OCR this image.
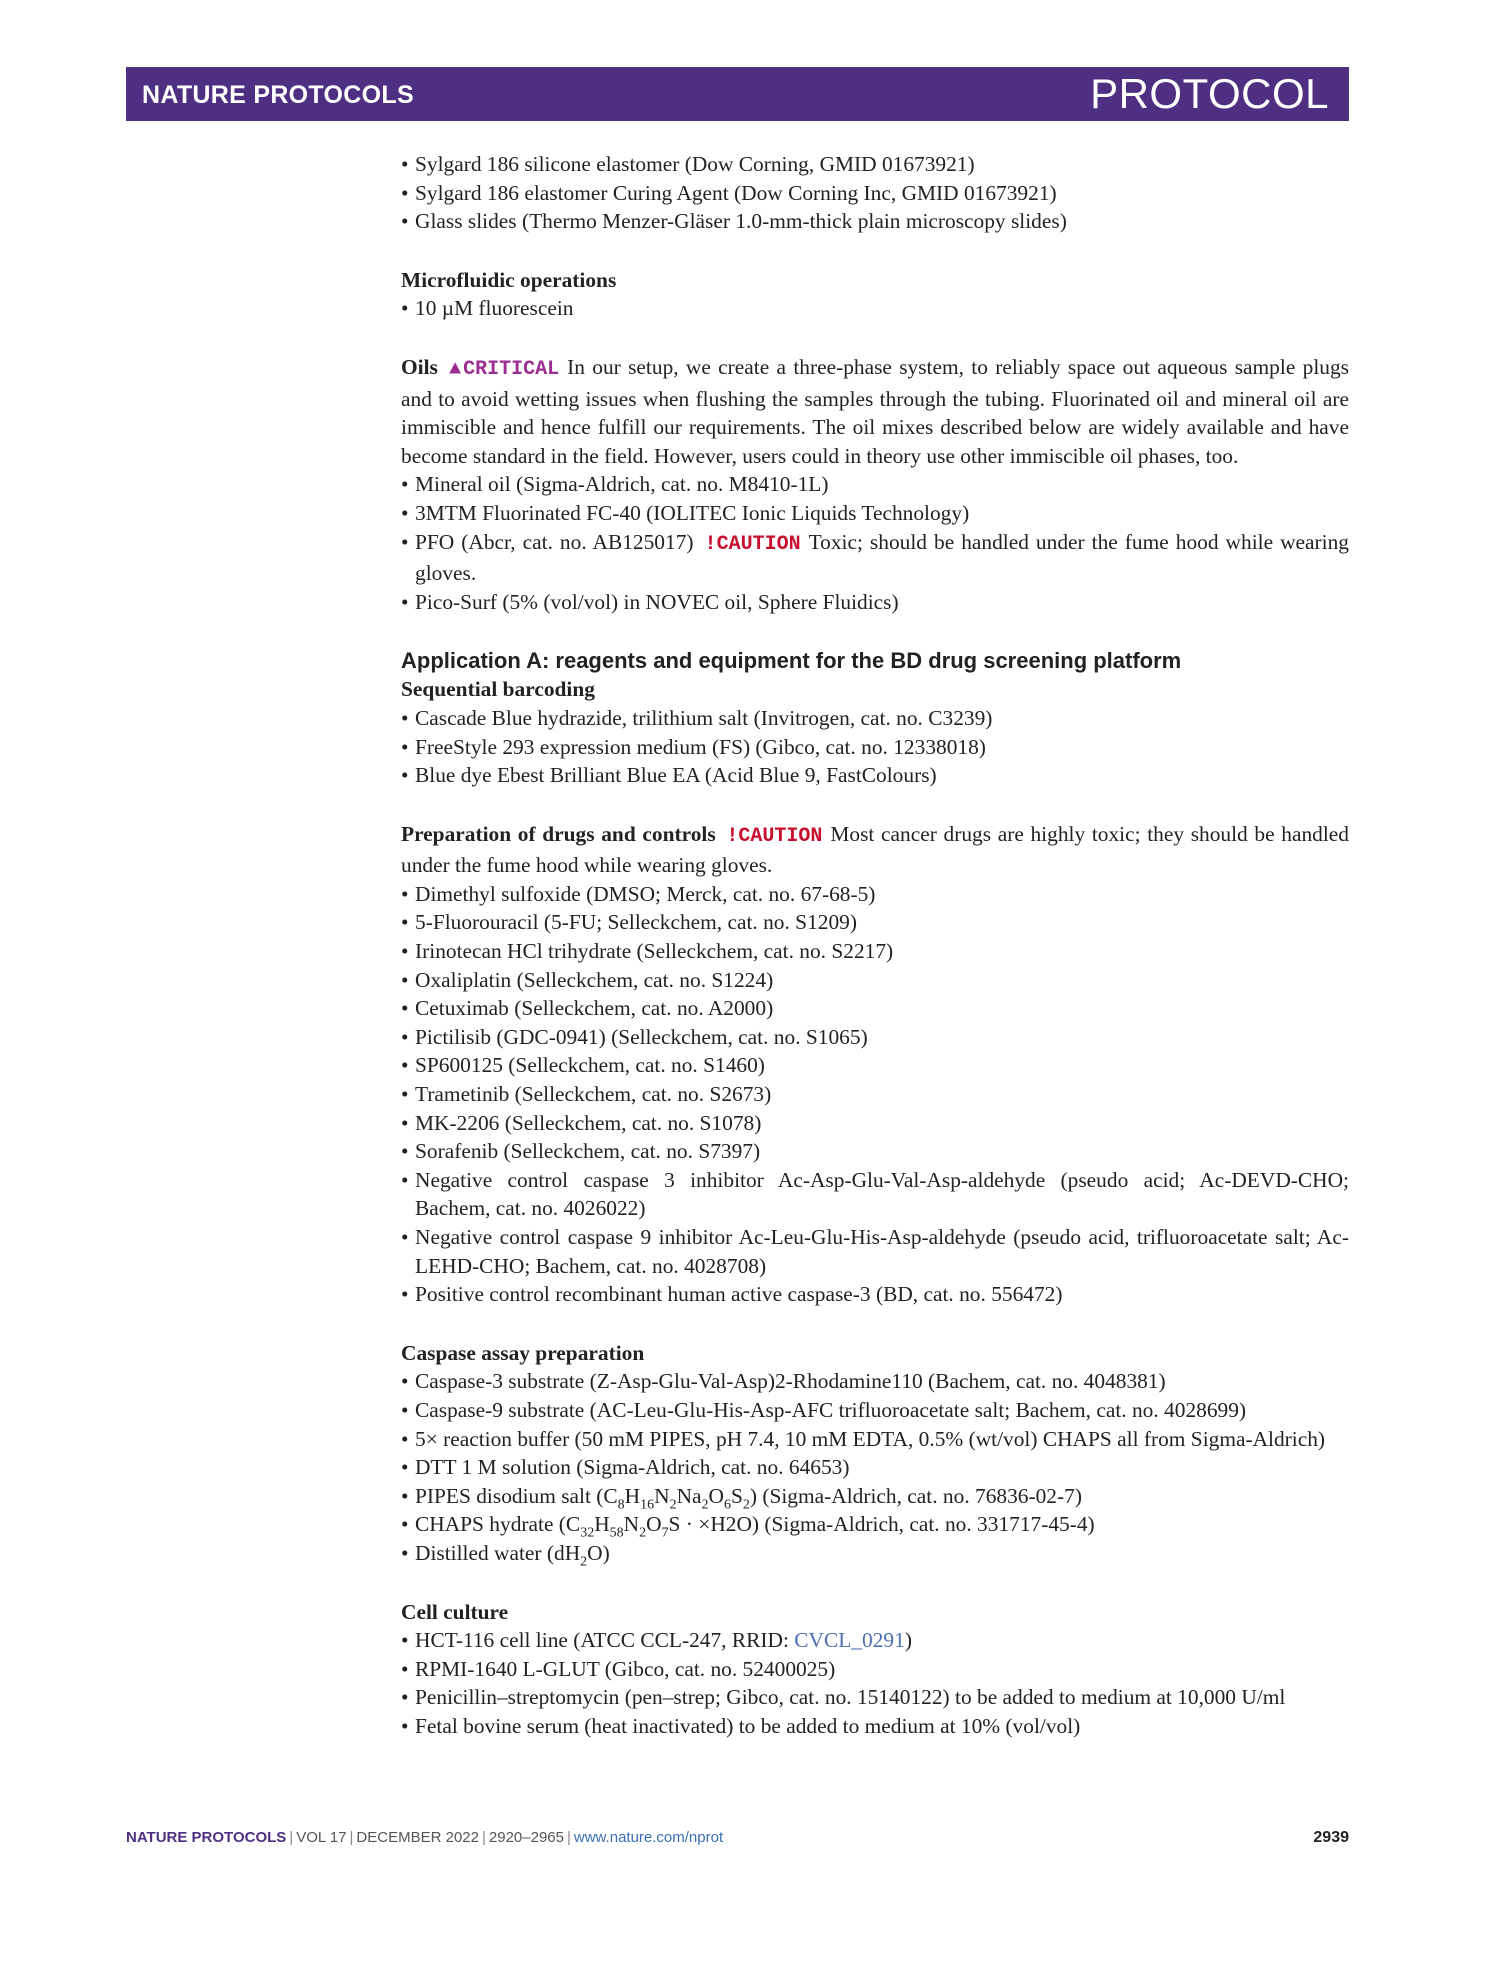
NATURE PROTOCOLS	PROTOCOL
• Sylgard 186 silicone elastomer (Dow Corning, GMID 01673921)
• Sylgard 186 elastomer Curing Agent (Dow Corning Inc, GMID 01673921)
• Glass slides (Thermo Menzer-Gläser 1.0-mm-thick plain microscopy slides)
Microfluidic operations
• 10 µM fluorescein
Oils ▲CRITICAL In our setup, we create a three-phase system, to reliably space out aqueous sample plugs and to avoid wetting issues when flushing the samples through the tubing. Fluorinated oil and mineral oil are immiscible and hence fulfill our requirements. The oil mixes described below are widely available and have become standard in the field. However, users could in theory use other immiscible oil phases, too.
• Mineral oil (Sigma-Aldrich, cat. no. M8410-1L)
• 3MTM Fluorinated FC-40 (IOLITEC Ionic Liquids Technology)
• PFO (Abcr, cat. no. AB125017) !CAUTION Toxic; should be handled under the fume hood while wearing gloves.
• Pico-Surf (5% (vol/vol) in NOVEC oil, Sphere Fluidics)
Application A: reagents and equipment for the BD drug screening platform
Sequential barcoding
• Cascade Blue hydrazide, trilithium salt (Invitrogen, cat. no. C3239)
• FreeStyle 293 expression medium (FS) (Gibco, cat. no. 12338018)
• Blue dye Ebest Brilliant Blue EA (Acid Blue 9, FastColours)
Preparation of drugs and controls !CAUTION Most cancer drugs are highly toxic; they should be handled under the fume hood while wearing gloves.
• Dimethyl sulfoxide (DMSO; Merck, cat. no. 67-68-5)
• 5-Fluorouracil (5-FU; Selleckchem, cat. no. S1209)
• Irinotecan HCl trihydrate (Selleckchem, cat. no. S2217)
• Oxaliplatin (Selleckchem, cat. no. S1224)
• Cetuximab (Selleckchem, cat. no. A2000)
• Pictilisib (GDC-0941) (Selleckchem, cat. no. S1065)
• SP600125 (Selleckchem, cat. no. S1460)
• Trametinib (Selleckchem, cat. no. S2673)
• MK-2206 (Selleckchem, cat. no. S1078)
• Sorafenib (Selleckchem, cat. no. S7397)
• Negative control caspase 3 inhibitor Ac-Asp-Glu-Val-Asp-aldehyde (pseudo acid; Ac-DEVD-CHO; Bachem, cat. no. 4026022)
• Negative control caspase 9 inhibitor Ac-Leu-Glu-His-Asp-aldehyde (pseudo acid, trifluoroacetate salt; Ac-LEHD-CHO; Bachem, cat. no. 4028708)
• Positive control recombinant human active caspase-3 (BD, cat. no. 556472)
Caspase assay preparation
• Caspase-3 substrate (Z-Asp-Glu-Val-Asp)2-Rhodamine110 (Bachem, cat. no. 4048381)
• Caspase-9 substrate (AC-Leu-Glu-His-Asp-AFC trifluoroacetate salt; Bachem, cat. no. 4028699)
• 5× reaction buffer (50 mM PIPES, pH 7.4, 10 mM EDTA, 0.5% (wt/vol) CHAPS all from Sigma-Aldrich)
• DTT 1 M solution (Sigma-Aldrich, cat. no. 64653)
• PIPES disodium salt $(C_8H_{16}N_2Na_2O_6S_2)$ (Sigma-Aldrich, cat. no. 76836-02-7)
• CHAPS hydrate $(C_{32}H_{58}N_2O_7S \cdot \times H2O)$ (Sigma-Aldrich, cat. no. 331717-45-4)
• Distilled water $(dH_2O)$
Cell culture
• HCT-116 cell line (ATCC CCL-247, RRID: CVCL_0291)
• RPMI-1640 L-GLUT (Gibco, cat. no. 52400025)
• Penicillin–streptomycin (pen–strep; Gibco, cat. no. 15140122) to be added to medium at 10,000 U/ml
• Fetal bovine serum (heat inactivated) to be added to medium at 10% (vol/vol)
NATURE PROTOCOLS | VOL 17 | DECEMBER 2022 | 2920–2965 | www.nature.com/nprot	2939
